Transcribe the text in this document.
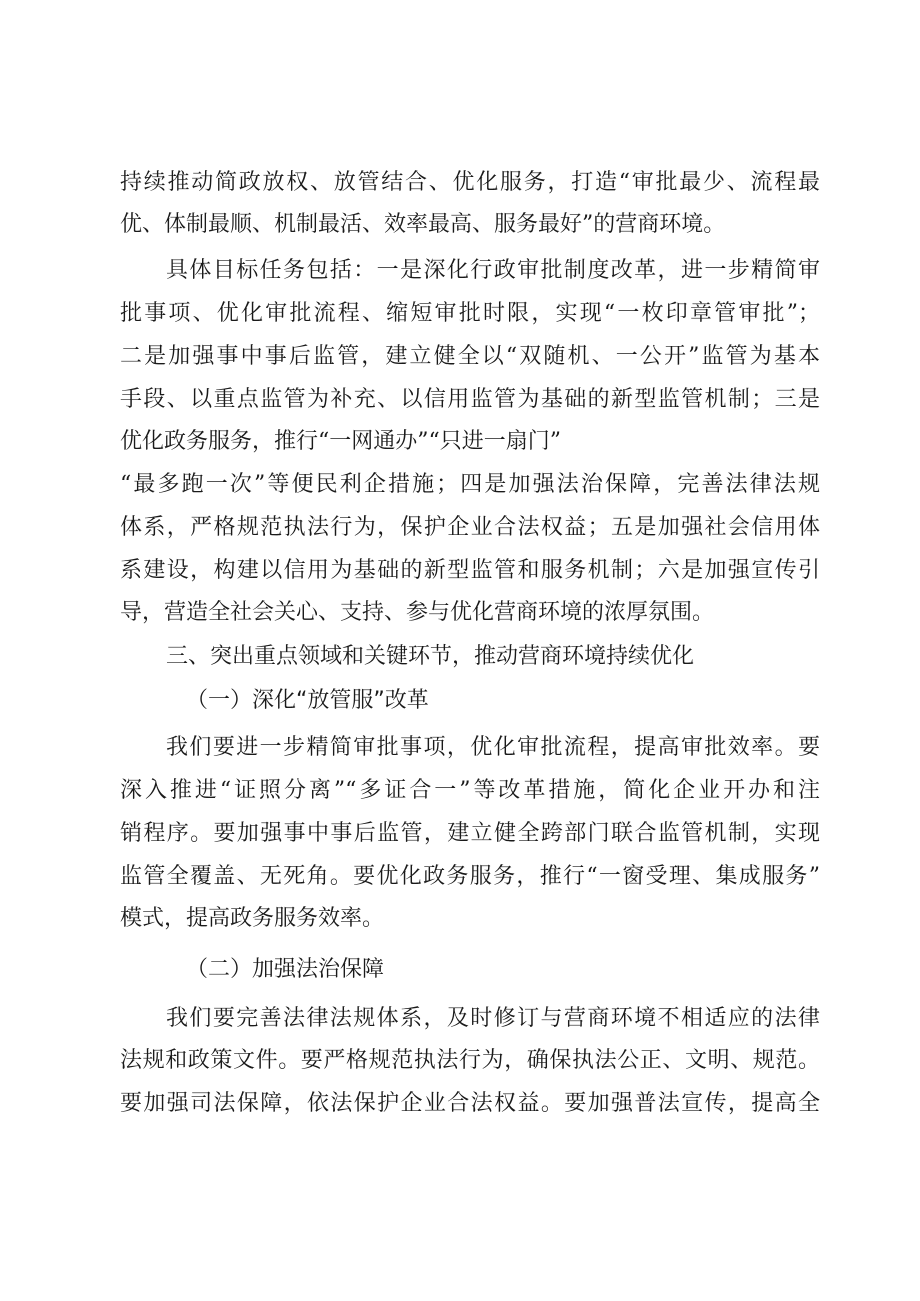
持续推动简政放权、放管结合、优化服务，打造“审批最少、流程最
优、体制最顺、机制最活、效率最高、服务最好”的营商环境。
具体目标任务包括：一是深化行政审批制度改革，进一步精简审
批事项、优化审批流程、缩短审批时限，实现“一枚印章管审批”；
二是加强事中事后监管，建立健全以“双随机、一公开”监管为基本
手段、以重点监管为补充、以信用监管为基础的新型监管机制；三是
优化政务服务，推行“一网通办”“只进一扇门”
“最多跑一次”等便民利企措施；四是加强法治保障，完善法律法规
体系，严格规范执法行为，保护企业合法权益；五是加强社会信用体
系建设，构建以信用为基础的新型监管和服务机制；六是加强宣传引
导，营造全社会关心、支持、参与优化营商环境的浓厚氛围。
三、突出重点领域和关键环节，推动营商环境持续优化
（一）深化“放管服”改革
我们要进一步精简审批事项，优化审批流程，提高审批效率。要
深入推进“证照分离”“多证合一”等改革措施，简化企业开办和注
销程序。要加强事中事后监管，建立健全跨部门联合监管机制，实现
监管全覆盖、无死角。要优化政务服务，推行“一窗受理、集成服务”
模式，提高政务服务效率。
（二）加强法治保障
我们要完善法律法规体系，及时修订与营商环境不相适应的法律
法规和政策文件。要严格规范执法行为，确保执法公正、文明、规范。
要加强司法保障，依法保护企业合法权益。要加强普法宣传，提高全
